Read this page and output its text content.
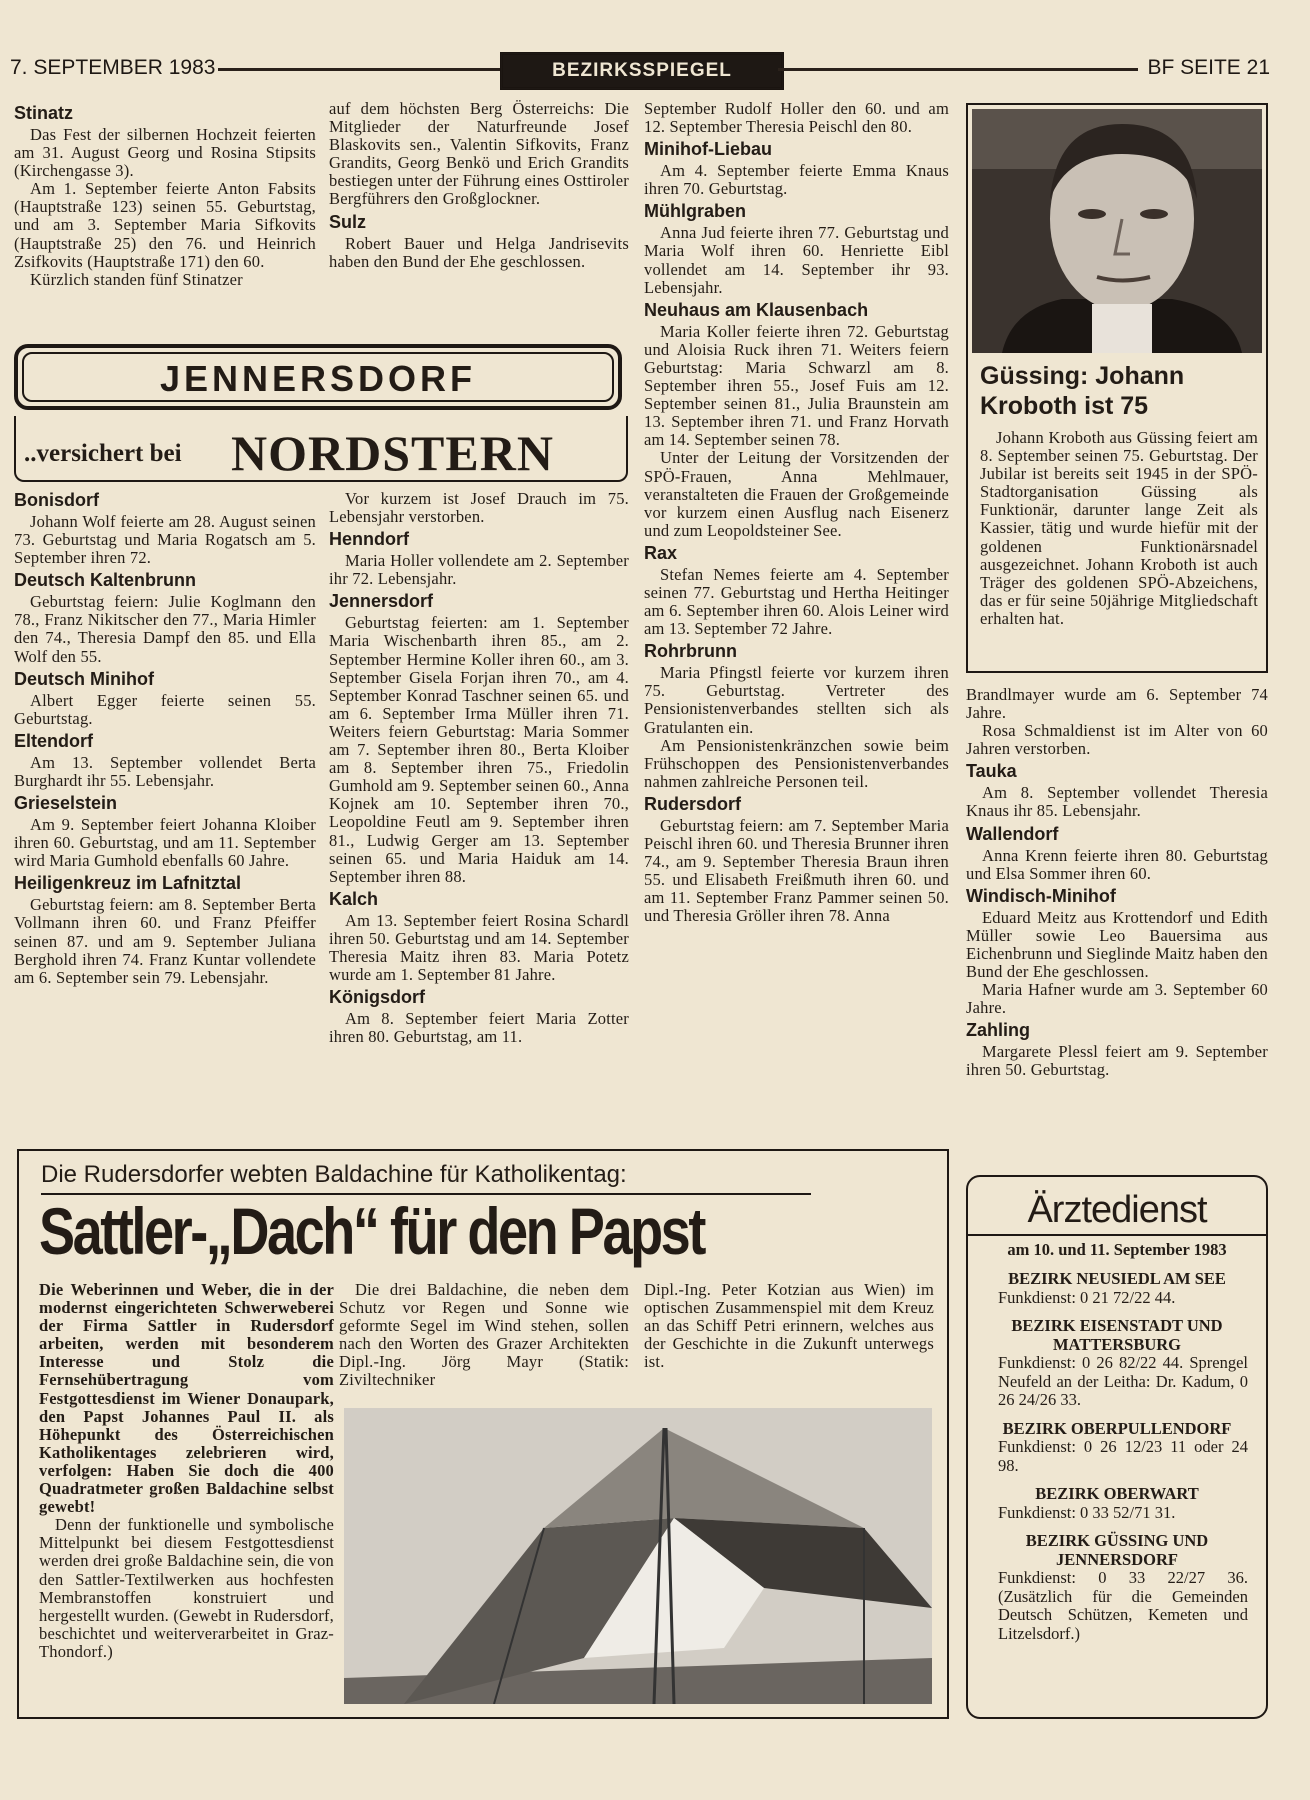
7. SEPTEMBER 1983	BEZIRKSSPIEGEL	BF SEITE 21
Stinatz

Das Fest der silbernen Hochzeit feierten am 31. August Georg und Rosina Stipsits (Kirchengasse 3).

Am 1. September feierte Anton Fabsits (Hauptstraße 123) seinen 55. Geburtstag, und am 3. September Maria Sifkovits (Hauptstraße 25) den 76. und Heinrich Zsifkovits (Hauptstraße 171) den 60.

Kürzlich standen fünf Stinatzer

auf dem höchsten Berg Österreichs: Die Mitglieder der Naturfreunde Josef Blaskovits sen., Valentin Sifkovits, Franz Grandits, Georg Benkö und Erich Grandits bestiegen unter der Führung eines Osttiroler Bergführers den Großglockner.

Sulz

Robert Bauer und Helga Jandrisevits haben den Bund der Ehe geschlossen.

JENNERSDORF
..versichert bei NORDSTERN
Bonisdorf

Johann Wolf feierte am 28. August seinen 73. Geburtstag und Maria Rogatsch am 5. September ihren 72.

Deutsch Kaltenbrunn

Geburtstag feiern: Julie Koglmann den 78., Franz Nikitscher den 77., Maria Himler den 74., Theresia Dampf den 85. und Ella Wolf den 55.

Deutsch Minihof

Albert Egger feierte seinen 55. Geburtstag.

Eltendorf

Am 13. September vollendet Berta Burghardt ihr 55. Lebensjahr.

Grieselstein

Am 9. September feiert Johanna Kloiber ihren 60. Geburtstag, und am 11. September wird Maria Gumhold ebenfalls 60 Jahre.

Heiligenkreuz im Lafnitztal

Geburtstag feiern: am 8. September Berta Vollmann ihren 60. und Franz Pfeiffer seinen 87. und am 9. September Juliana Berghold ihren 74. Franz Kuntar vollendete am 6. September sein 79. Lebensjahr.

Vor kurzem ist Josef Drauch im 75. Lebensjahr verstorben.

Henndorf

Maria Holler vollendete am 2. September ihr 72. Lebensjahr.

Jennersdorf

Geburtstag feierten: am 1. September Maria Wischenbarth ihren 85., am 2. September Hermine Koller ihren 60., am 3. September Gisela Forjan ihren 70., am 4. September Konrad Taschner seinen 65. und am 6. September Irma Müller ihren 71. Weiters feiern Geburtstag: Maria Sommer am 7. September ihren 80., Berta Kloiber am 8. September ihren 75., Friedolin Gumhold am 9. September seinen 60., Anna Kojnek am 10. September ihren 70., Leopoldine Feutl am 9. September ihren 81., Ludwig Gerger am 13. September seinen 65. und Maria Haiduk am 14. September ihren 88.

Kalch

Am 13. September feiert Rosina Schardl ihren 50. Geburtstag und am 14. September Theresia Maitz ihren 83. Maria Potetz wurde am 1. September 81 Jahre.

Königsdorf

Am 8. September feiert Maria Zotter ihren 80. Geburtstag, am 11.

September Rudolf Holler den 60. und am 12. September Theresia Peischl den 80.

Minihof-Liebau

Am 4. September feierte Emma Knaus ihren 70. Geburtstag.

Mühlgraben

Anna Jud feierte ihren 77. Geburtstag und Maria Wolf ihren 60. Henriette Eibl vollendet am 14. September ihr 93. Lebensjahr.

Neuhaus am Klausenbach

Maria Koller feierte ihren 72. Geburtstag und Aloisia Ruck ihren 71. Weiters feiern Geburtstag: Maria Schwarzl am 8. September ihren 55., Josef Fuis am 12. September seinen 81., Julia Braunstein am 13. September ihren 71. und Franz Horvath am 14. September seinen 78.

Unter der Leitung der Vorsitzenden der SPÖ-Frauen, Anna Mehlmauer, veranstalteten die Frauen der Großgemeinde vor kurzem einen Ausflug nach Eisenerz und zum Leopoldsteiner See.

Rax

Stefan Nemes feierte am 4. September seinen 77. Geburtstag und Hertha Heitinger am 6. September ihren 60. Alois Leiner wird am 13. September 72 Jahre.

Rohrbrunn

Maria Pfingstl feierte vor kurzem ihren 75. Geburtstag. Vertreter des Pensionistenverbandes stellten sich als Gratulanten ein.

Am Pensionistenkränzchen sowie beim Frühschoppen des Pensionistenverbandes nahmen zahlreiche Personen teil.

Rudersdorf

Geburtstag feiern: am 7. September Maria Peischl ihren 60. und Theresia Brunner ihren 74., am 9. September Theresia Braun ihren 55. und Elisabeth Freißmuth ihren 60. und am 11. September Franz Pammer seinen 50. und Theresia Gröller ihren 78. Anna

Güssing: Johann Kroboth ist 75

Johann Kroboth aus Güssing feiert am 8. September seinen 75. Geburtstag. Der Jubilar ist bereits seit 1945 in der SPÖ-Stadtorganisation Güssing als Funktionär, darunter lange Zeit als Kassier, tätig und wurde hiefür mit der goldenen Funktionärsnadel ausgezeichnet. Johann Kroboth ist auch Träger des goldenen SPÖ-Abzeichens, das er für seine 50jährige Mitgliedschaft erhalten hat.

Brandlmayer wurde am 6. September 74 Jahre.

Rosa Schmaldienst ist im Alter von 60 Jahren verstorben.

Tauka

Am 8. September vollendet Theresia Knaus ihr 85. Lebensjahr.

Wallendorf

Anna Krenn feierte ihren 80. Geburtstag und Elsa Sommer ihren 60.

Windisch-Minihof

Eduard Meitz aus Krottendorf und Edith Müller sowie Leo Bauersima aus Eichenbrunn und Sieglinde Maitz haben den Bund der Ehe geschlossen.

Maria Hafner wurde am 3. September 60 Jahre.

Zahling

Margarete Plessl feiert am 9. September ihren 50. Geburtstag.

Die Rudersdorfer webten Baldachine für Katholikentag:
Sattler-„Dach“ für den Papst

Die Weberinnen und Weber, die in der modernst eingerichteten Schwerweberei der Firma Sattler in Rudersdorf arbeiten, werden mit besonderem Interesse und Stolz die Fernsehübertragung vom Festgottesdienst im Wiener Donaupark, den Papst Johannes Paul II. als Höhepunkt des Österreichischen Katholikentages zelebrieren wird, verfolgen: Haben Sie doch die 400 Quadratmeter großen Baldachine selbst gewebt!

Denn der funktionelle und symbolische Mittelpunkt bei diesem Festgottesdienst werden drei große Baldachine sein, die von den Sattler-Textilwerken aus hochfesten Membranstoffen konstruiert und hergestellt wurden. (Gewebt in Rudersdorf, beschichtet und weiterverarbeitet in Graz-Thondorf.)

Die drei Baldachine, die neben dem Schutz vor Regen und Sonne wie geformte Segel im Wind stehen, sollen nach den Worten des Grazer Architekten Dipl.-Ing. Jörg Mayr (Statik: Ziviltechniker

Dipl.-Ing. Peter Kotzian aus Wien) im optischen Zusammenspiel mit dem Kreuz an das Schiff Petri erinnern, welches aus der Geschichte in die Zukunft unterwegs ist.

Ärztedienst
am 10. und 11. September 1983
BEZIRK NEUSIEDL AM SEE
Funkdienst: 0 21 72/22 44.
BEZIRK EISENSTADT UND MATTERSBURG
Funkdienst: 0 26 82/22 44. Sprengel Neufeld an der Leitha: Dr. Kadum, 0 26 24/26 33.
BEZIRK OBERPULLENDORF
Funkdienst: 0 26 12/23 11 oder 24 98.
BEZIRK OBERWART
Funkdienst: 0 33 52/71 31.
BEZIRK GÜSSING UND JENNERSDORF
Funkdienst: 0 33 22/27 36. (Zusätzlich für die Gemeinden Deutsch Schützen, Kemeten und Litzelsdorf.)
